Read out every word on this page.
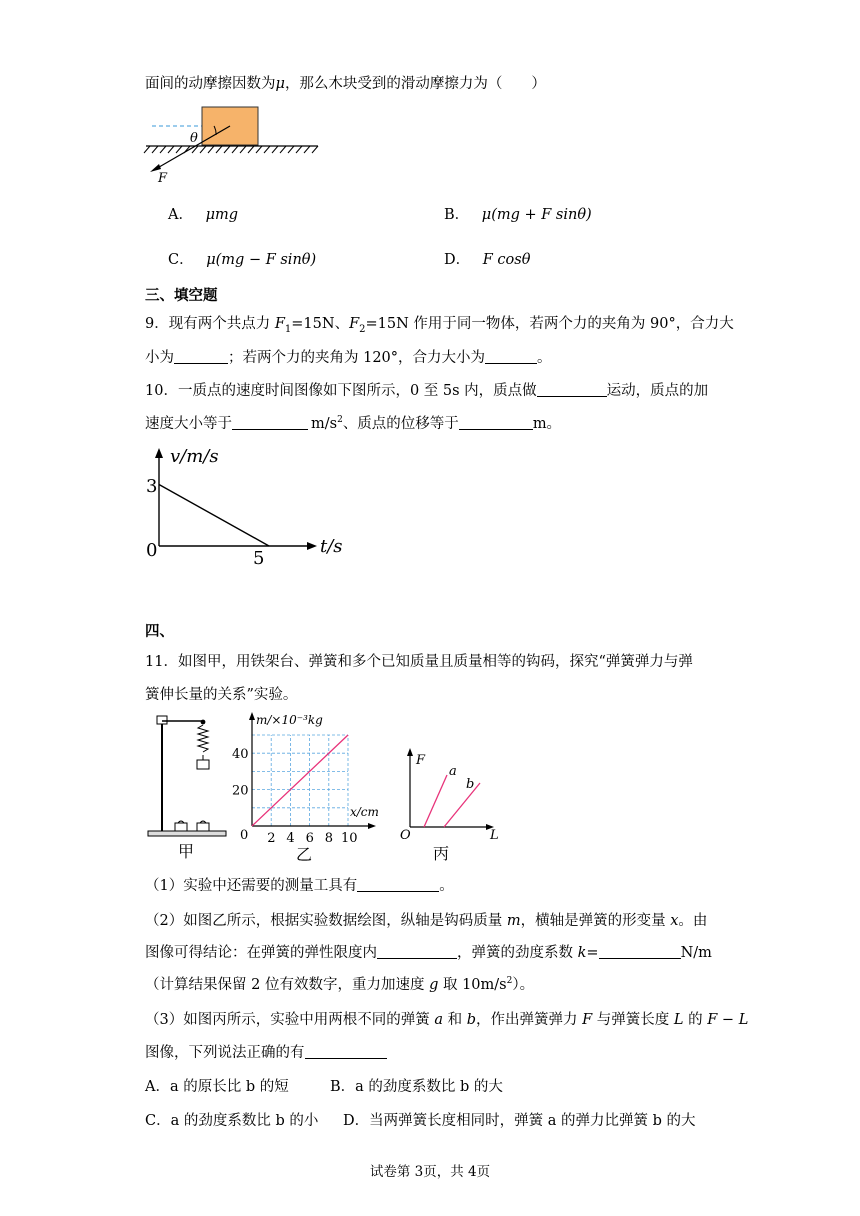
面间的动摩擦因数为μ，那么木块受到的滑动摩擦力为（　　）
θ
F
A． μmg	B． μ(mg + F sinθ)
C． μ(mg − F sinθ)	D． F cosθ
三、填空题
9．现有两个共点力 $F_1=15N$、$F_2=15N$ 作用于同一物体，若两个力的夹角为 90°，合力大
小为	；若两个力的夹角为 120°，合力大小为	。
10．一质点的速度时间图像如下图所示，0 至 5s 内，质点做	运动，质点的加
速度大小等于	$m/s^2$、质点的位移等于	m。
v/m/s
t/s
3
5
0
四、
11．如图甲，用铁架台、弹簧和多个已知质量且质量相等的钩码，探究“弹簧弹力与弹
簧伸长量的关系”实验。
甲
2 4 6 8 10
0
20
40
m/×10⁻³kg
x/cm
乙
F
a
b
O	L
丙
（1）实验中还需要的测量工具有	。
（2）如图乙所示，根据实验数据绘图，纵轴是钩码质量 m，横轴是弹簧的形变量 x。由
图像可得结论：在弹簧的弹性限度内	，弹簧的劲度系数 k=	N/m
（计算结果保留 2 位有效数字，重力加速度 g 取 $10m/s^2$）。
（3）如图丙所示，实验中用两根不同的弹簧 a 和 b，作出弹簧弹力 F 与弹簧长度 L 的 F − L
图像，下列说法正确的有
A．a 的原长比 b 的短	B．a 的劲度系数比 b 的大
C．a 的劲度系数比 b 的小 D．当两弹簧长度相同时，弹簧 a 的弹力比弹簧 b 的大
试卷第 3页，共 4页
